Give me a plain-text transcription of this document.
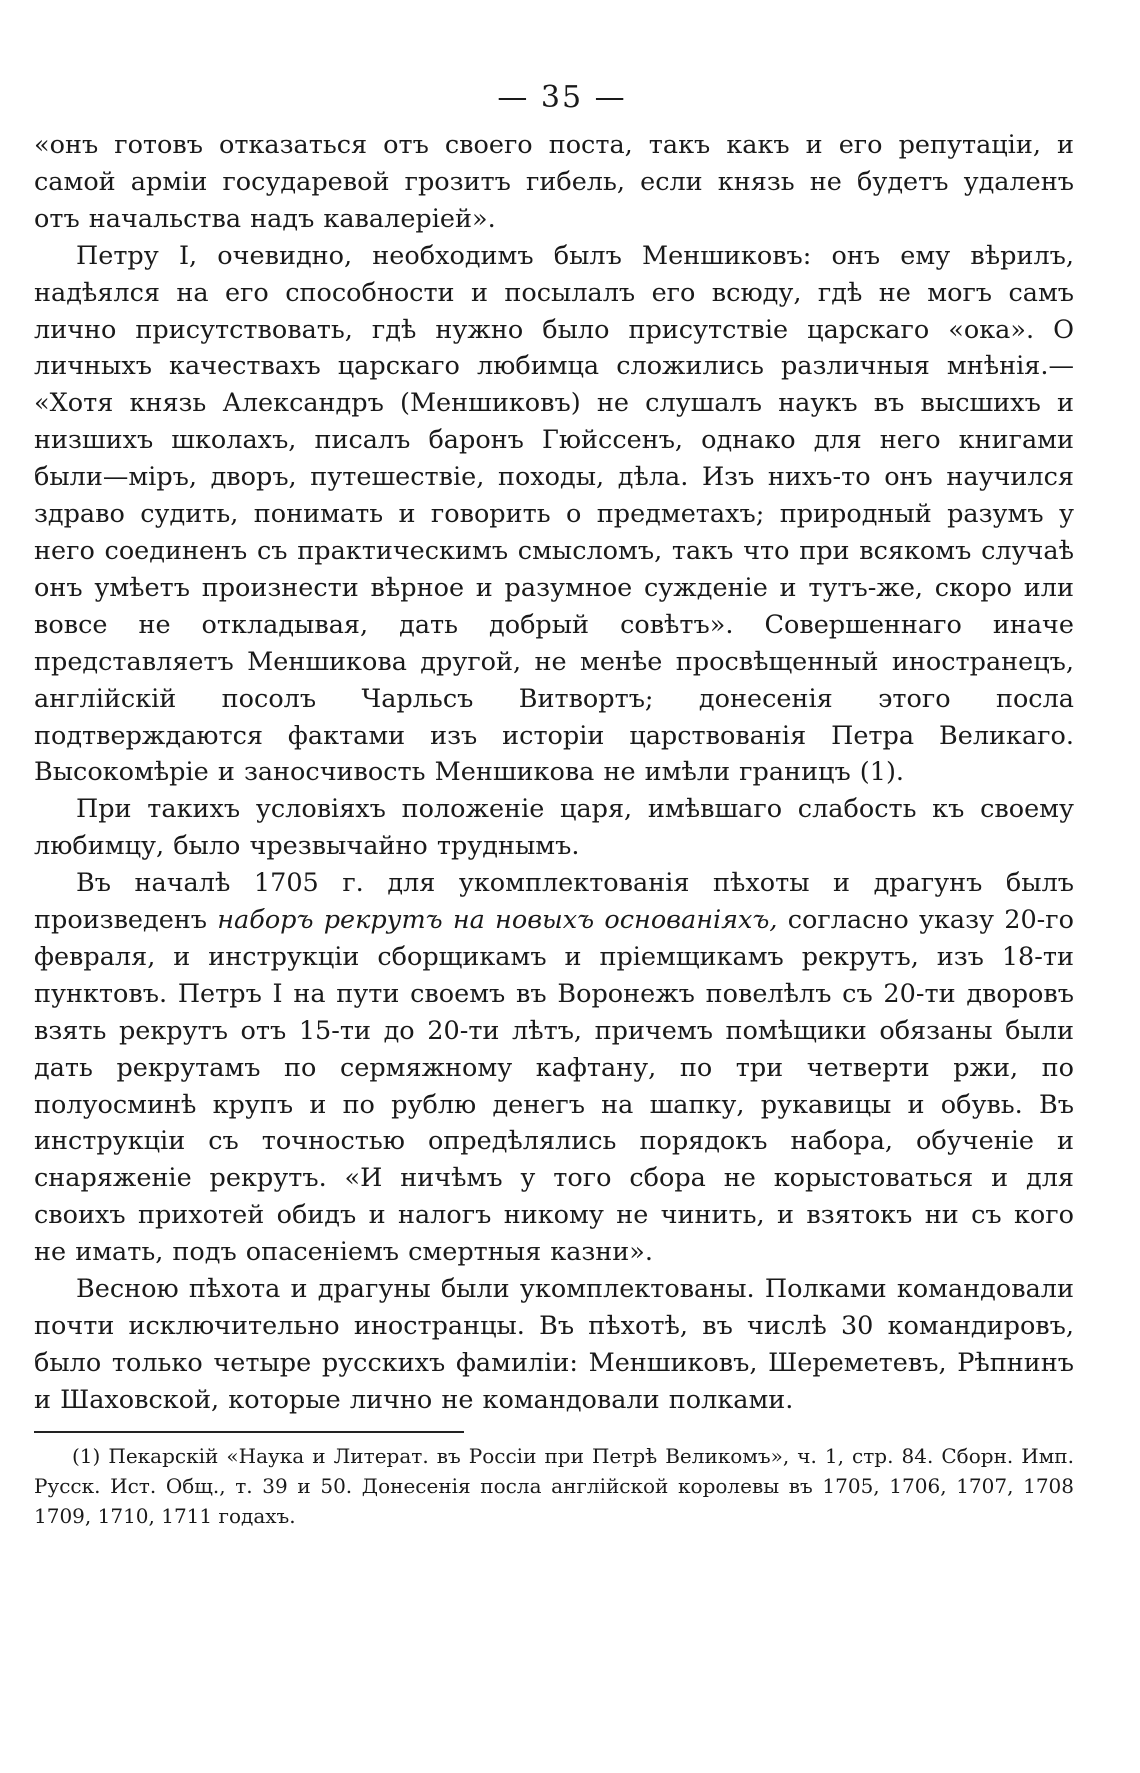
— 35 —

«онъ готовъ отказаться отъ своего поста, такъ какъ и его репутаціи, и самой арміи государевой грозитъ гибель, если князь не будетъ удаленъ отъ начальства надъ кавалеріей».

Петру I, очевидно, необходимъ былъ Меншиковъ: онъ ему вѣрилъ, надѣялся на его способности и посылалъ его всюду, гдѣ не могъ самъ лично присутствовать, гдѣ нужно было присутствіе царскаго «ока». О личныхъ качествахъ царскаго любимца сложились различныя мнѣнія.— «Хотя князь Александръ (Меншиковъ) не слушалъ наукъ въ высшихъ и низшихъ школахъ, писалъ баронъ Гюйссенъ, однако для него книгами были—міръ, дворъ, путешествіе, походы, дѣла. Изъ нихъ-то онъ научился здраво судить, понимать и говорить о предметахъ; природный разумъ у него соединенъ съ практическимъ смысломъ, такъ что при всякомъ случаѣ онъ умѣетъ произнести вѣрное и разумное сужденіе и тутъ-же, скоро или вовсе не откладывая, дать добрый совѣтъ». Совершеннаго иначе представляетъ Меншикова другой, не менѣе просвѣщенный иностранецъ, англійскій посолъ Чарльсъ Витвортъ; донесенія этого посла подтверждаются фактами изъ исторіи царствованія Петра Великаго. Высокомѣріе и заносчивость Меншикова не имѣли границъ (1).

При такихъ условіяхъ положеніе царя, имѣвшаго слабость къ своему любимцу, было чрезвычайно труднымъ.

Въ началѣ 1705 г. для укомплектованія пѣхоты и драгунъ былъ произведенъ наборъ рекрутъ на новыхъ основаніяхъ, согласно указу 20-го февраля, и инструкціи сборщикамъ и пріемщикамъ рекрутъ, изъ 18-ти пунктовъ. Петръ I на пути своемъ въ Воронежъ повелѣлъ съ 20-ти дворовъ взять рекрутъ отъ 15-ти до 20-ти лѣтъ, причемъ помѣщики обязаны были дать рекрутамъ по сермяжному кафтану, по три четверти ржи, по полуосминѣ крупъ и по рублю денегъ на шапку, рукавицы и обувь. Въ инструкціи съ точностью опредѣлялись порядокъ набора, обученіе и снаряженіе рекрутъ. «И ничѣмъ у того сбора не корыстоваться и для своихъ прихотей обидъ и налогъ никому не чинить, и взятокъ ни съ кого не имать, подъ опасеніемъ смертныя казни».

Весною пѣхота и драгуны были укомплектованы. Полками командовали почти исключительно иностранцы. Въ пѣхотѣ, въ числѣ 30 командировъ, было только четыре русскихъ фамиліи: Меншиковъ, Шереметевъ, Рѣпнинъ и Шаховской, которые лично не командовали полками.

(1) Пекарскій «Наука и Литерат. въ Россіи при Петрѣ Великомъ», ч. 1, стр. 84. Сборн. Имп. Русск. Ист. Общ., т. 39 и 50. Донесенія посла англійской королевы въ 1705, 1706, 1707, 1708 1709, 1710, 1711 годахъ.
